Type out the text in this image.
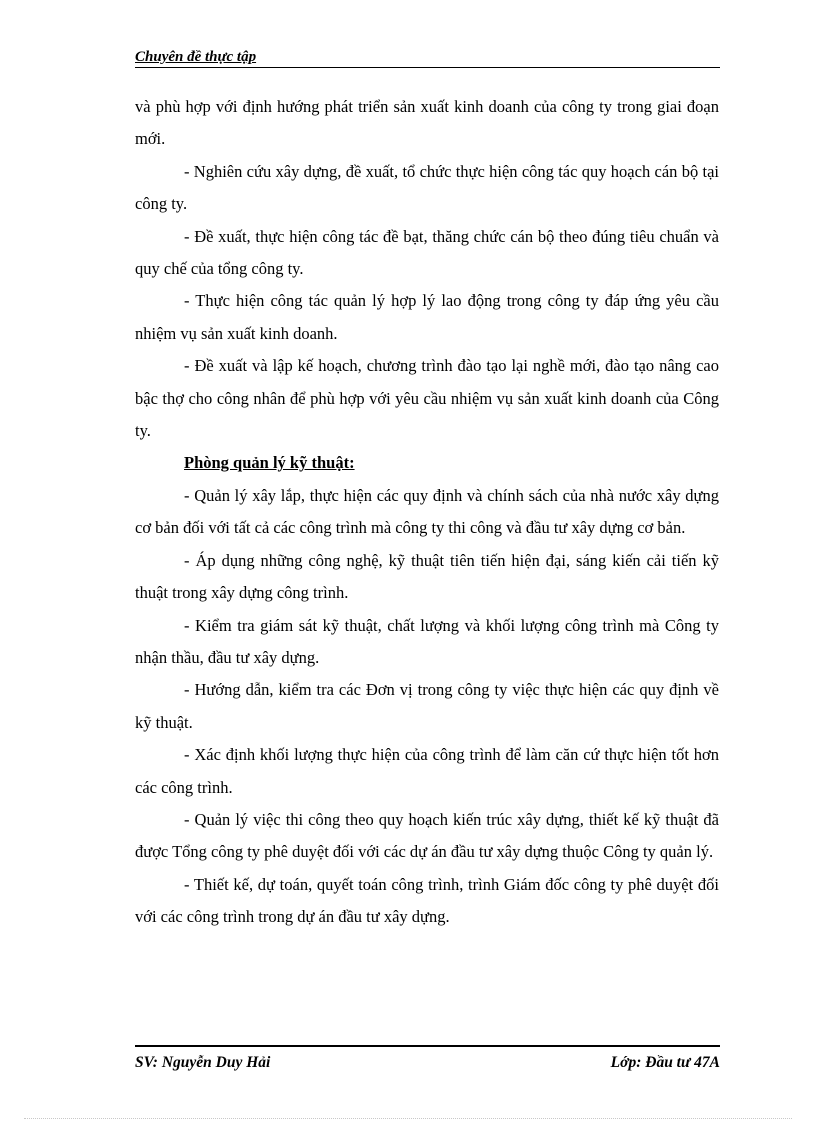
Chuyên đề thực tập

và phù hợp với định hướng phát triển sản xuất kinh doanh của công ty trong giai đoạn mới.

- Nghiên cứu xây dựng, đề xuất, tổ chức thực hiện công tác quy hoạch cán bộ tại công ty.

- Đề xuất, thực hiện công tác đề bạt, thăng chức cán bộ theo đúng tiêu chuẩn và quy chế của tổng công ty.

- Thực hiện công tác quản lý hợp lý lao động trong công ty đáp ứng yêu cầu nhiệm vụ sản xuất kinh doanh.

- Đề xuất và lập kế hoạch, chương trình đào tạo lại nghề mới, đào tạo nâng cao bậc thợ cho công nhân để phù hợp với yêu cầu nhiệm vụ sản xuất kinh doanh của Công ty.

Phòng quản lý kỹ thuật:

- Quản lý xây lắp, thực hiện các quy định và chính sách của nhà nước xây dựng cơ bản đối với tất cả các công trình mà công ty thi công và đầu tư xây dựng cơ bản.

- Áp dụng những công nghệ, kỹ thuật tiên tiến hiện đại, sáng kiến cải tiến kỹ thuật trong xây dựng công trình.

- Kiểm tra giám sát kỹ thuật, chất lượng và khối lượng công trình mà Công ty nhận thầu, đầu tư xây dựng.

- Hướng dẫn, kiểm tra các Đơn vị trong công ty việc thực hiện các quy định về kỹ thuật.

- Xác định khối lượng thực hiện của công trình để làm căn cứ thực hiện tốt hơn các công trình.

- Quản lý việc thi công theo quy hoạch kiến trúc xây dựng, thiết kế kỹ thuật đã được Tổng công ty phê duyệt đối với các dự án đầu tư xây dựng thuộc Công ty quản lý.

- Thiết kế, dự toán, quyết toán công trình, trình Giám đốc công ty phê duyệt đối với các công trình trong dự án đầu tư xây dựng.

SV: Nguyễn Duy Hải	Lớp: Đầu tư 47A
